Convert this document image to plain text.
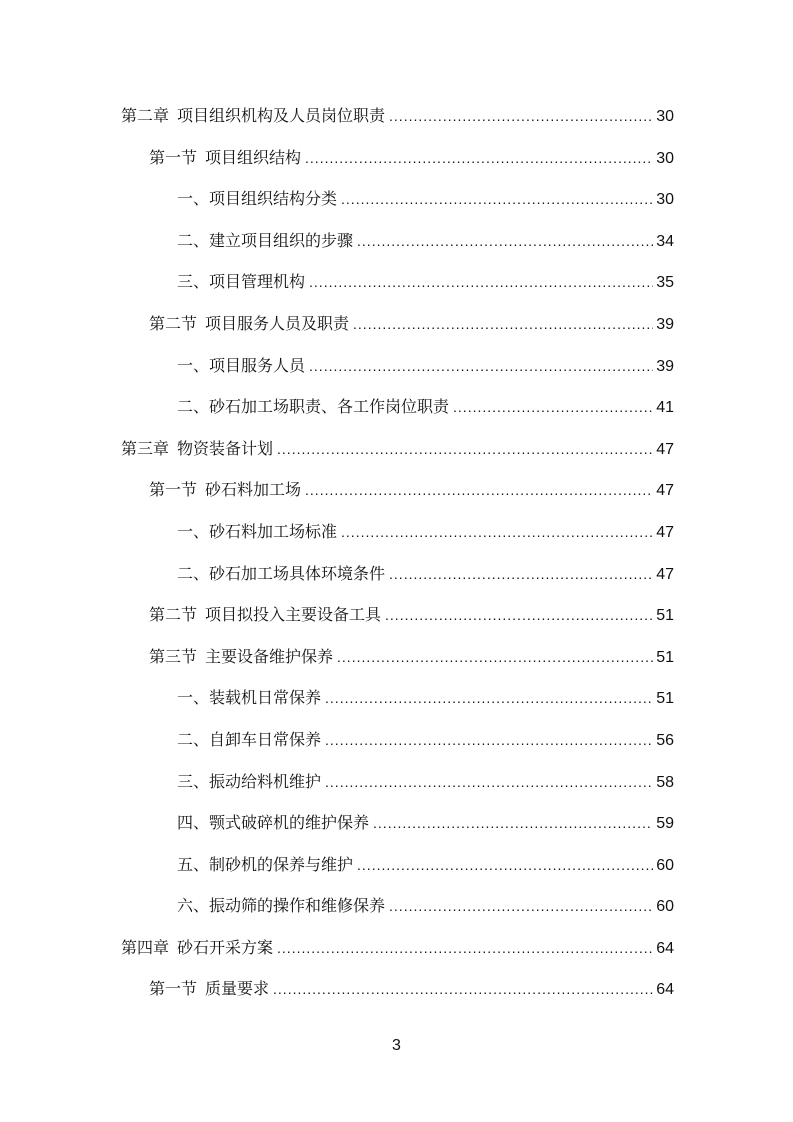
第二章 项目组织机构及人员岗位职责 .....	30
第一节 项目组织结构 .....	30
一、项目组织结构分类 .....	30
二、建立项目组织的步骤 .....	34
三、项目管理机构 .....	35
第二节 项目服务人员及职责 .....	39
一、项目服务人员 .....	39
二、砂石加工场职责、各工作岗位职责 .....	41
第三章 物资装备计划 .....	47
第一节 砂石料加工场 .....	47
一、砂石料加工场标准 .....	47
二、砂石加工场具体环境条件 .....	47
第二节 项目拟投入主要设备工具 .....	51
第三节 主要设备维护保养 .....	51
一、装载机日常保养 .....	51
二、自卸车日常保养 .....	56
三、振动给料机维护 .....	58
四、颚式破碎机的维护保养 .....	59
五、制砂机的保养与维护 .....	60
六、振动筛的操作和维修保养 .....	60
第四章 砂石开采方案 .....	64
第一节 质量要求 .....	64
3
